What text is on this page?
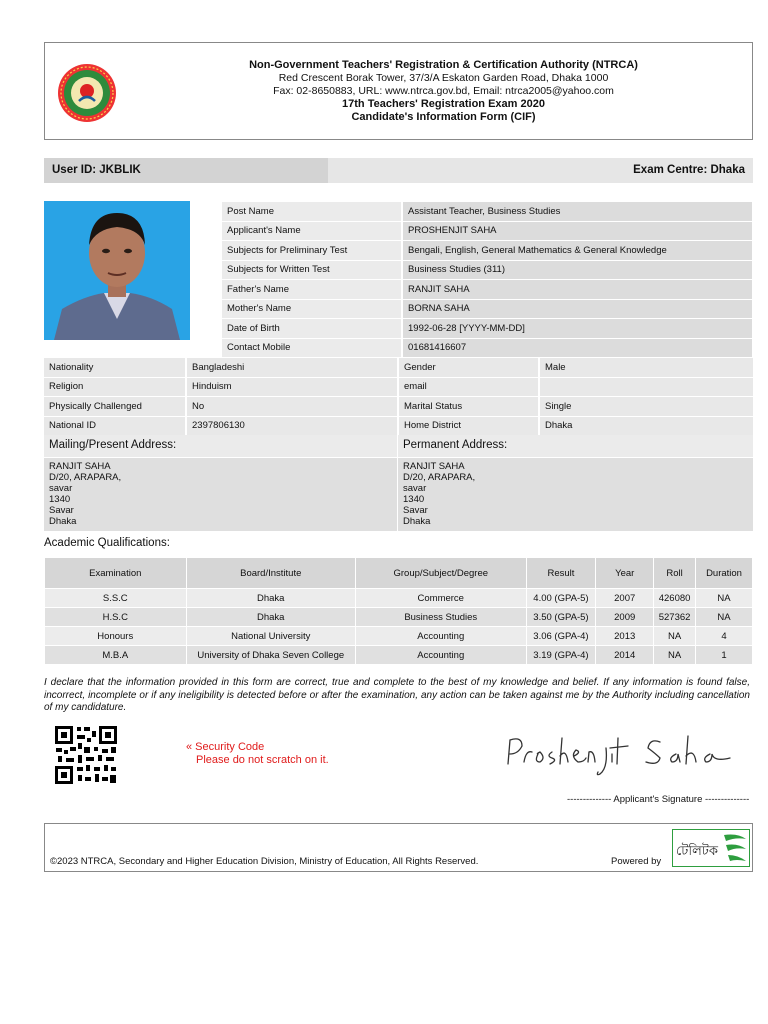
Non-Government Teachers' Registration & Certification Authority (NTRCA)
Red Crescent Borak Tower, 37/3/A Eskaton Garden Road, Dhaka 1000
Fax: 02-8650883, URL: www.ntrca.gov.bd, Email: ntrca2005@yahoo.com
17th Teachers' Registration Exam 2020
Candidate's Information Form (CIF)
User ID: JKBLIK	Exam Centre: Dhaka
Post Name	Assistant Teacher, Business Studies
Applicant's Name	PROSHENJIT SAHA
Subjects for Preliminary Test	Bengali, English, General Mathematics & General Knowledge
Subjects for Written Test	Business Studies (311)
Father's Name	RANJIT SAHA
Mother's Name	BORNA SAHA
Date of Birth	1992-06-28 [YYYY-MM-DD]
Contact Mobile	01681416607
Nationality	Bangladeshi	Gender	Male
Religion	Hinduism	email	
Physically Challenged	No	Marital Status	Single
National ID	2397806130	Home District	Dhaka
Mailing/Present Address:	Permanent Address:
RANJIT SAHA
D/20, ARAPARA,
savar
1340
Savar
Dhaka
RANJIT SAHA
D/20, ARAPARA,
savar
1340
Savar
Dhaka
Academic Qualifications:
Examination	Board/Institute	Group/Subject/Degree	Result	Year	Roll	Duration
S.S.C	Dhaka	Commerce	4.00 (GPA-5)	2007	426080	NA
H.S.C	Dhaka	Business Studies	3.50 (GPA-5)	2009	527362	NA
Honours	National University	Accounting	3.06 (GPA-4)	2013	NA	4
M.B.A	University of Dhaka Seven College	Accounting	3.19 (GPA-4)	2014	NA	1
I declare that the information provided in this form are correct, true and complete to the best of my knowledge and belief. If any information is found false, incorrect, incomplete or if any ineligibility is detected before or after the examination, any action can be taken against me by the Authority including cancellation of my candidature.
« Security Code
Please do not scratch on it.
-------------- Applicant's Signature --------------
©2023 NTRCA, Secondary and Higher Education Division, Ministry of Education, All Rights Reserved.	Powered by
টেলিটক
